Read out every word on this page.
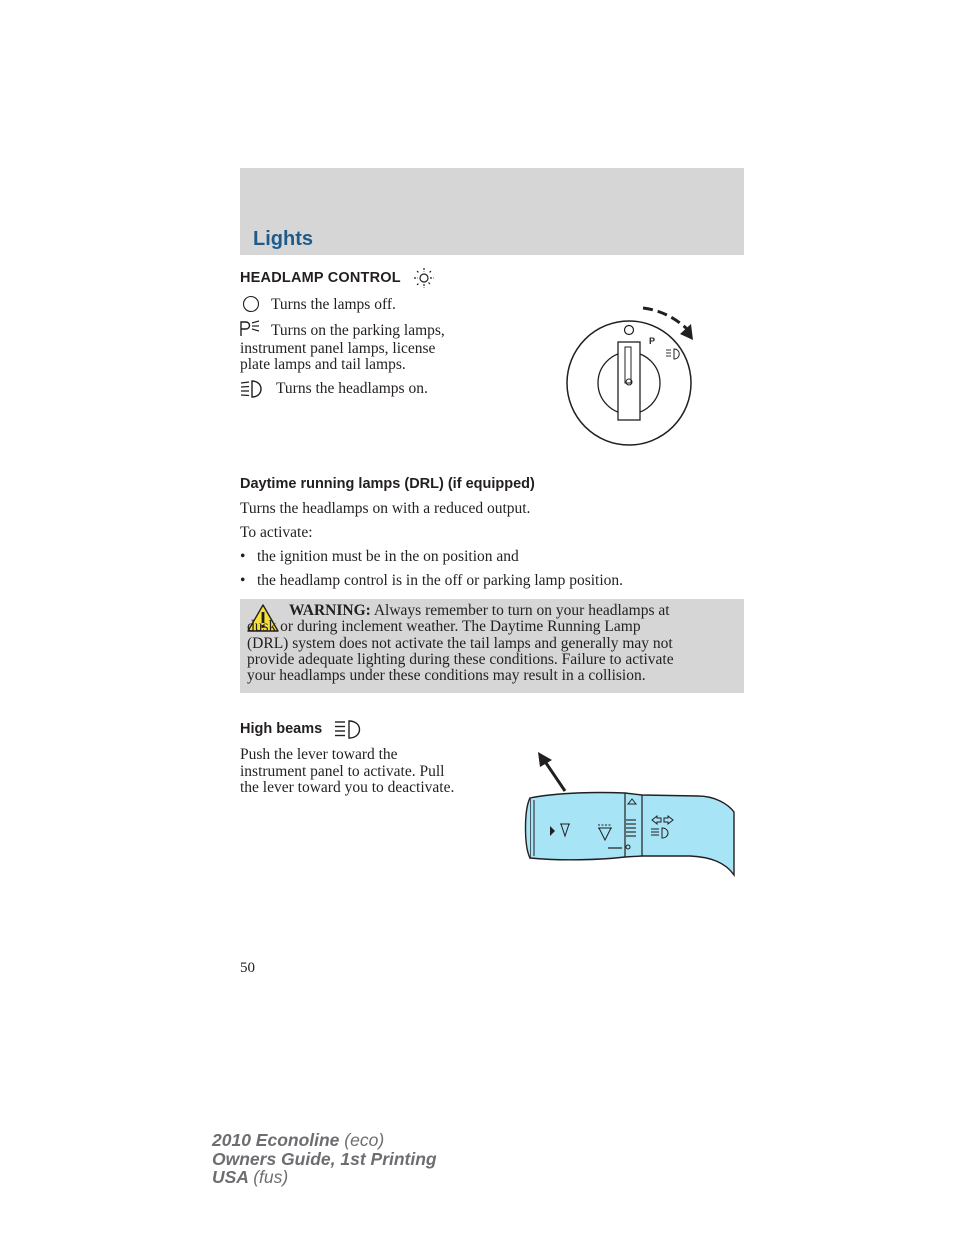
Lights
HEADLAMP CONTROL
Turns the lamps off.
Turns on the parking lamps,
instrument panel lamps, license
plate lamps and tail lamps.
Turns the headlamps on.
P
Daytime running lamps (DRL) (if equipped)
Turns the headlamps on with a reduced output.
To activate:
• the ignition must be in the on position and
• the headlamp control is in the off or parking lamp position.
WARNING: Always remember to turn on your headlamps at
dusk or during inclement weather. The Daytime Running Lamp

(DRL) system does not activate the tail lamps and generally may not
provide adequate lighting during these conditions. Failure to activate
your headlamps under these conditions may result in a collision.
High beams
Push the lever toward the
instrument panel to activate. Pull
the lever toward you to deactivate.
50
2010 Econoline (eco)
Owners Guide, 1st Printing
USA (fus)
